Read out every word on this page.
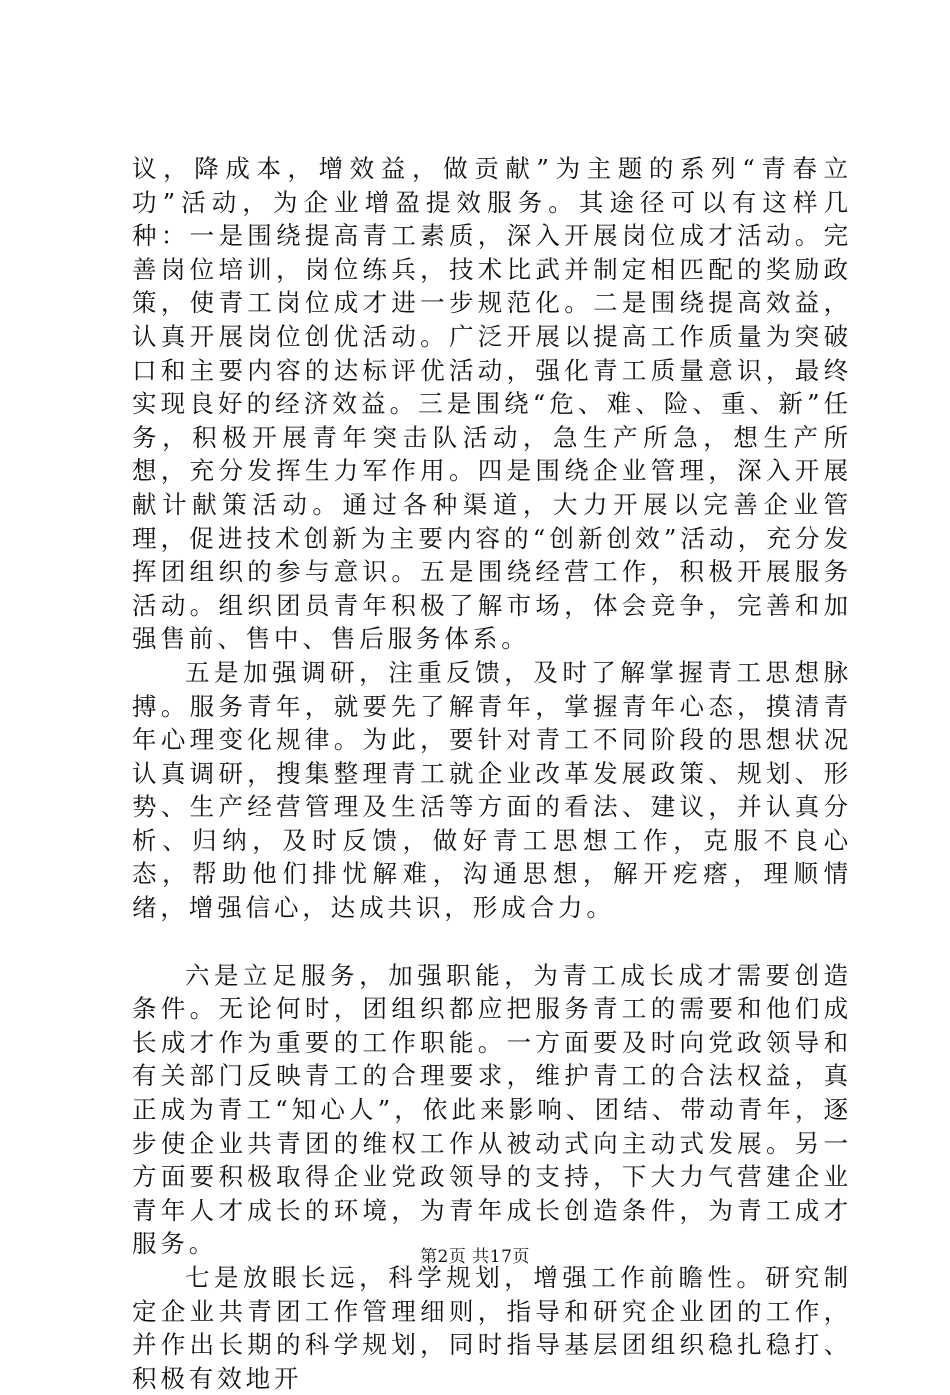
议，降成本，增效益，做贡献”为主题的系列“青春立功”活动，为企业增盈提效服务。其途径可以有这样几种：一是围绕提高青工素质，深入开展岗位成才活动。完善岗位培训，岗位练兵，技术比武并制定相匹配的奖励政策，使青工岗位成才进一步规范化。二是围绕提高效益，认真开展岗位创优活动。广泛开展以提高工作质量为突破口和主要内容的达标评优活动，强化青工质量意识，最终实现良好的经济效益。三是围绕“危、难、险、重、新”任务，积极开展青年突击队活动，急生产所急，想生产所想，充分发挥生力军作用。四是围绕企业管理，深入开展献计献策活动。通过各种渠道，大力开展以完善企业管理，促进技术创新为主要内容的“创新创效”活动，充分发挥团组织的参与意识。五是围绕经营工作，积极开展服务活动。组织团员青年积极了解市场，体会竞争，完善和加强售前、售中、售后服务体系。

五是加强调研，注重反馈，及时了解掌握青工思想脉搏。服务青年，就要先了解青年，掌握青年心态，摸清青年心理变化规律。为此，要针对青工不同阶段的思想状况认真调研，搜集整理青工就企业改革发展政策、规划、形势、生产经营管理及生活等方面的看法、建议，并认真分析、归纳，及时反馈，做好青工思想工作，克服不良心态，帮助他们排忧解难，沟通思想，解开疙瘩，理顺情绪，增强信心，达成共识，形成合力。

六是立足服务，加强职能，为青工成长成才需要创造条件。无论何时，团组织都应把服务青工的需要和他们成长成才作为重要的工作职能。一方面要及时向党政领导和有关部门反映青工的合理要求，维护青工的合法权益，真正成为青工“知心人”，依此来影响、团结、带动青年，逐步使企业共青团的维权工作从被动式向主动式发展。另一方面要积极取得企业党政领导的支持，下大力气营建企业青年人才成长的环境，为青年成长创造条件，为青工成才服务。

七是放眼长远，科学规划，增强工作前瞻性。研究制定企业共青团工作管理细则，指导和研究企业团的工作，并作出长期的科学规划，同时指导基层团组织稳扎稳打、积极有效地开

第2页 共17页
